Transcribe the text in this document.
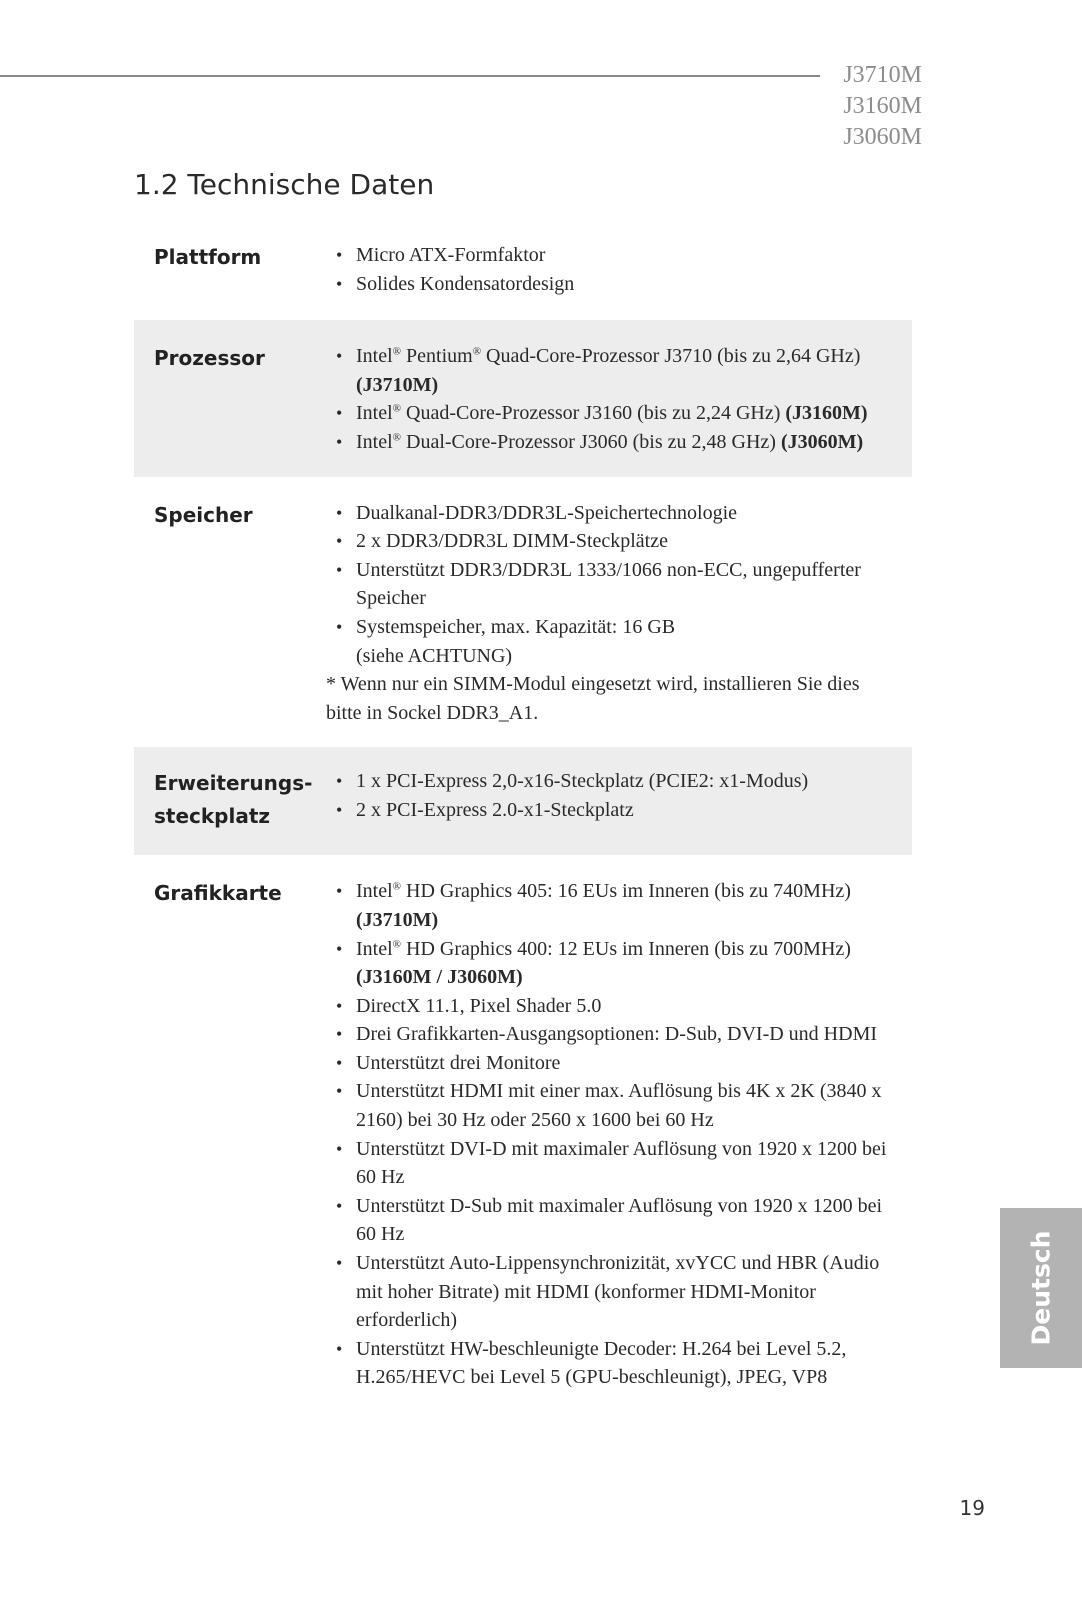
J3710M
J3160M
J3060M
1.2 Technische Daten
Plattform	• Micro ATX-Formfaktor
• Solides Kondensatordesign
Prozessor	• Intel® Pentium® Quad-Core-Prozessor J3710 (bis zu 2,64 GHz) (J3710M)
• Intel® Quad-Core-Prozessor J3160 (bis zu 2,24 GHz) (J3160M)
• Intel® Dual-Core-Prozessor J3060 (bis zu 2,48 GHz) (J3060M)
Speicher	• Dualkanal-DDR3/DDR3L-Speichertechnologie
• 2 x DDR3/DDR3L DIMM-Steckplätze
• Unterstützt DDR3/DDR3L 1333/1066 non-ECC, ungepufferter Speicher
• Systemspeicher, max. Kapazität: 16 GB
(siehe ACHTUNG)
* Wenn nur ein SIMM-Modul eingesetzt wird, installieren Sie dies bitte in Sockel DDR3_A1.
Erweiterungs-
steckplatz
• 1 x PCI-Express 2,0-x16-Steckplatz (PCIE2: x1-Modus)
• 2 x PCI-Express 2.0-x1-Steckplatz
Grafikkarte	• Intel® HD Graphics 405: 16 EUs im Inneren (bis zu 740MHz) (J3710M)
• Intel® HD Graphics 400: 12 EUs im Inneren (bis zu 700MHz) (J3160M / J3060M)
• DirectX 11.1, Pixel Shader 5.0
• Drei Grafikkarten-Ausgangsoptionen: D-Sub, DVI-D und HDMI
• Unterstützt drei Monitore
• Unterstützt HDMI mit einer max. Auflösung bis 4K x 2K (3840 x 2160) bei 30 Hz oder 2560 x 1600 bei 60 Hz
• Unterstützt DVI-D mit maximaler Auflösung von 1920 x 1200 bei 60 Hz
• Unterstützt D-Sub mit maximaler Auflösung von 1920 x 1200 bei 60 Hz
• Unterstützt Auto-Lippensynchronizität, xvYCC und HBR (Audio mit hoher Bitrate) mit HDMI (konformer HDMI-Monitor erforderlich)
• Unterstützt HW-beschleunigte Decoder: H.264 bei Level 5.2, H.265/HEVC bei Level 5 (GPU-beschleunigt), JPEG, VP8
Deutsch
19
